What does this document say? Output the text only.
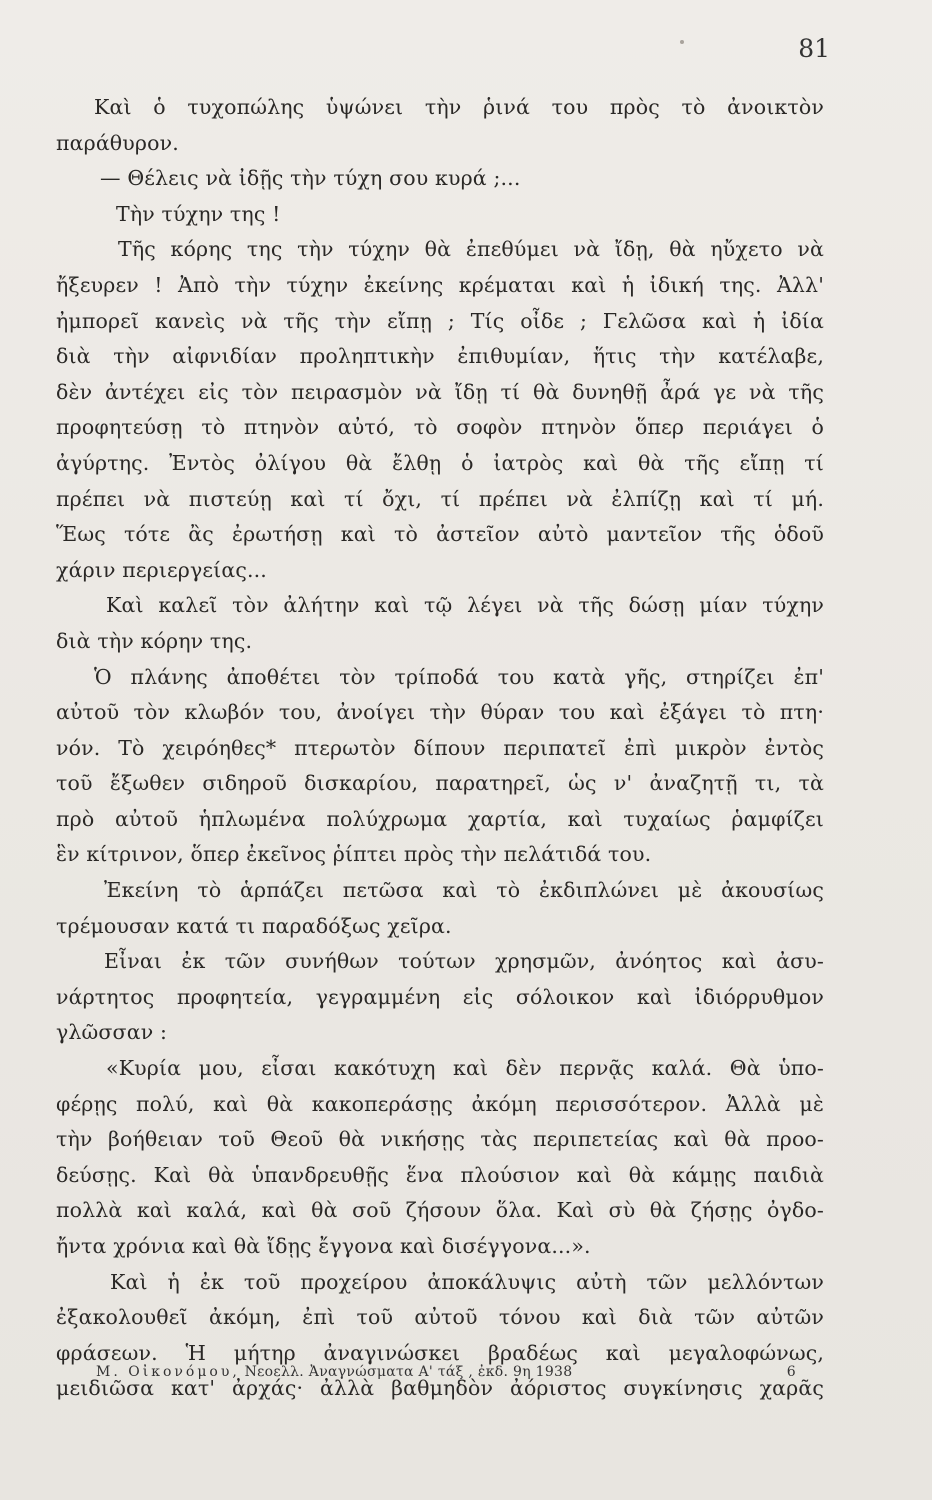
81
Καὶ ὁ τυχοπώλης ὑψώνει τὴν ῥινά του πρὸς τὸ ἀνοικτὸν
παράθυρον.
— Θέλεις νὰ ἰδῇς τὴν τύχη σου κυρά ;...
Τὴν τύχην της !
Τῆς κόρης της τὴν τύχην θὰ ἐπεθύμει νὰ ἴδῃ, θὰ ηὔχετο νὰ
ἤξευρεν ! Ἀπὸ τὴν τύχην ἐκείνης κρέμαται καὶ ἡ ἰδική της. Ἀλλ'
ἠμπορεῖ κανεὶς νὰ τῆς τὴν εἴπῃ ; Τίς οἶδε ; Γελῶσα καὶ ἡ ἰδία
διὰ τὴν αἰφνιδίαν προληπτικὴν ἐπιθυμίαν, ἥτις τὴν κατέλαβε,
δὲν ἀντέχει εἰς τὸν πειρασμὸν νὰ ἴδῃ τί θὰ δυνηθῇ ἆρά γε νὰ τῆς
προφητεύσῃ τὸ πτηνὸν αὐτό, τὸ σοφὸν πτηνὸν ὅπερ περιάγει ὁ
ἀγύρτης. Ἐντὸς ὀλίγου θὰ ἔλθῃ ὁ ἰατρὸς καὶ θὰ τῆς εἴπῃ τί
πρέπει νὰ πιστεύῃ καὶ τί ὄχι, τί πρέπει νὰ ἐλπίζῃ καὶ τί μή.
Ἕως τότε ἂς ἐρωτήσῃ καὶ τὸ ἀστεῖον αὐτὸ μαντεῖον τῆς ὁδοῦ
χάριν περιεργείας...
Καὶ καλεῖ τὸν ἀλήτην καὶ τῷ λέγει νὰ τῆς δώσῃ μίαν τύχην
διὰ τὴν κόρην της.
Ὁ πλάνης ἀποθέτει τὸν τρίποδά του κατὰ γῆς, στηρίζει ἐπ'
αὐτοῦ τὸν κλωβόν του, ἀνοίγει τὴν θύραν του καὶ ἐξάγει τὸ πτη·
νόν. Τὸ χειρόηθες* πτερωτὸν δίπουν περιπατεῖ ἐπὶ μικρὸν ἐντὸς
τοῦ ἔξωθεν σιδηροῦ δισκαρίου, παρατηρεῖ, ὡς ν' ἀναζητῇ τι, τὰ
πρὸ αὐτοῦ ἡπλωμένα πολύχρωμα χαρτία, καὶ τυχαίως ῥαμφίζει
ἓν κίτρινον, ὅπερ ἐκεῖνος ῥίπτει πρὸς τὴν πελάτιδά του.
Ἐκείνη τὸ ἁρπάζει πετῶσα καὶ τὸ ἐκδιπλώνει μὲ ἀκουσίως
τρέμουσαν κατά τι παραδόξως χεῖρα.
Εἶναι ἐκ τῶν συνήθων τούτων χρησμῶν, ἀνόητος καὶ ἀσυ-
νάρτητος προφητεία, γεγραμμένη εἰς σόλοικον καὶ ἰδιόρρυθμον
γλῶσσαν :
«Κυρία μου, εἶσαι κακότυχη καὶ δὲν περνᾷς καλά. Θὰ ὑπο-
φέρῃς πολύ, καὶ θὰ κακοπεράσῃς ἀκόμη περισσότερον. Ἀλλὰ μὲ
τὴν βοήθειαν τοῦ Θεοῦ θὰ νικήσῃς τὰς περιπετείας καὶ θὰ προο-
δεύσῃς. Καὶ θὰ ὑπανδρευθῇς ἕνα πλούσιον καὶ θὰ κάμῃς παιδιὰ
πολλὰ καὶ καλά, καὶ θὰ σοῦ ζήσουν ὅλα. Καὶ σὺ θὰ ζήσῃς ὀγδο-
ἤντα χρόνια καὶ θὰ ἴδῃς ἔγγονα καὶ δισέγγονα...».
Καὶ ἡ ἐκ τοῦ προχείρου ἀποκάλυψις αὐτὴ τῶν μελλόντων
ἐξακολουθεῖ ἀκόμη, ἐπὶ τοῦ αὐτοῦ τόνου καὶ διὰ τῶν αὐτῶν
φράσεων. Ἡ μήτηρ ἀναγινώσκει βραδέως καὶ μεγαλοφώνως,
μειδιῶσα κατ' ἀρχάς· ἀλλὰ βαθμηδὸν ἀόριστος συγκίνησις χαρᾶς
Μ. Οἰκονόμου, Νεοελλ. Ἀναγνώσματα Α' τάξ , ἐκδ. 9η 1938	6
